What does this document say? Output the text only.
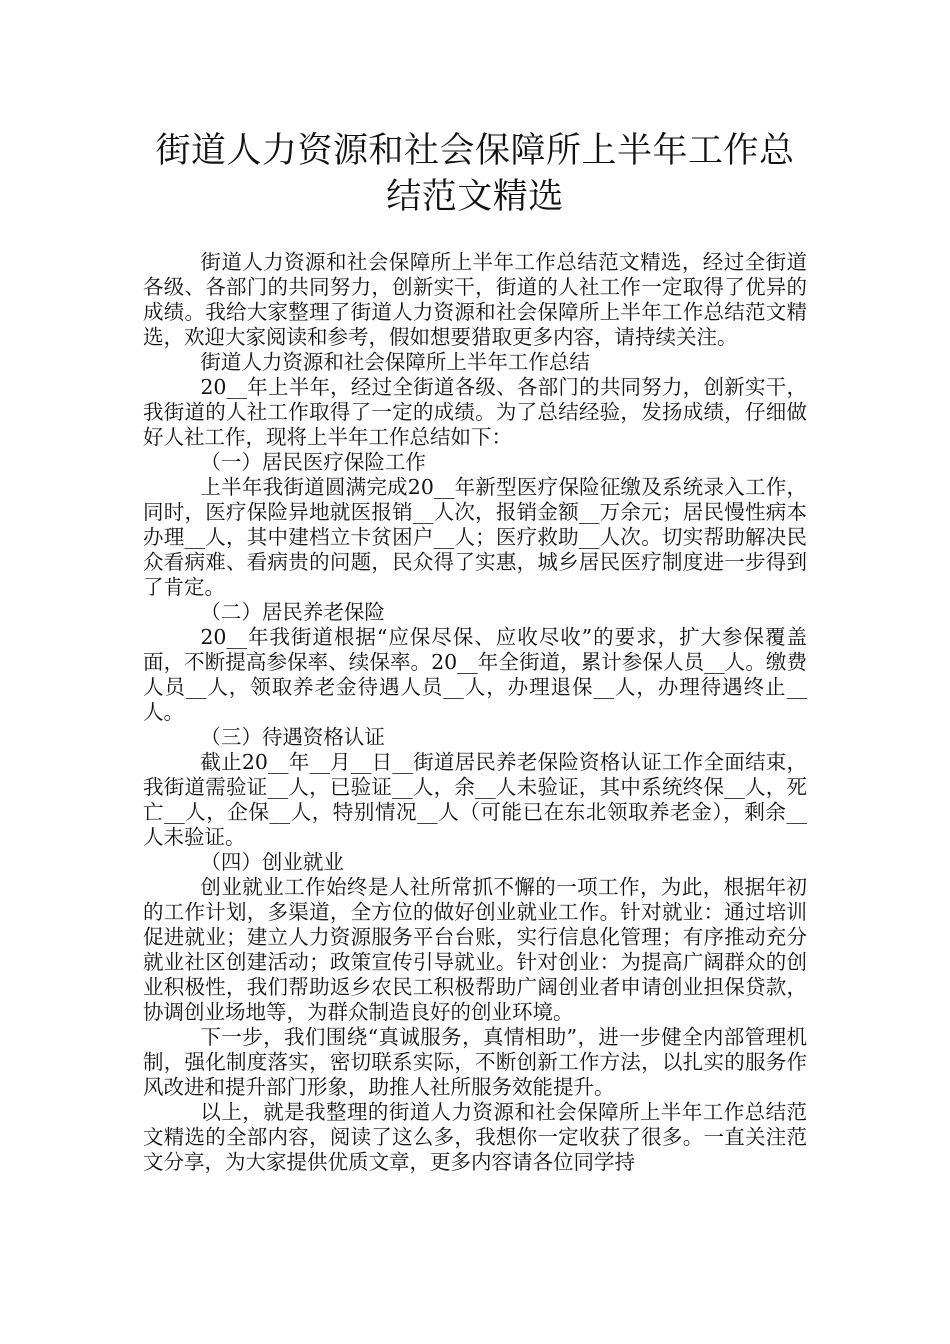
街道人力资源和社会保障所上半年工作总
结范文精选

街道人力资源和社会保障所上半年工作总结范文精选，经过全街道各级、各部门的共同努力，创新实干，街道的人社工作一定取得了优异的成绩。我给大家整理了街道人力资源和社会保障所上半年工作总结范文精选，欢迎大家阅读和参考，假如想要猎取更多内容，请持续关注。

街道人力资源和社会保障所上半年工作总结

20__年上半年，经过全街道各级、各部门的共同努力，创新实干，我街道的人社工作取得了一定的成绩。为了总结经验，发扬成绩，仔细做好人社工作，现将上半年工作总结如下：

（一）居民医疗保险工作

上半年我街道圆满完成20__年新型医疗保险征缴及系统录入工作，同时，医疗保险异地就医报销__人次，报销金额__万余元；居民慢性病本办理__人，其中建档立卡贫困户__人；医疗救助__人次。切实帮助解决民众看病难、看病贵的问题，民众得了实惠，城乡居民医疗制度进一步得到了肯定。

（二）居民养老保险

20__年我街道根据“应保尽保、应收尽收”的要求，扩大参保覆盖面，不断提高参保率、续保率。20__年全街道，累计参保人员__人。缴费人员__人，领取养老金待遇人员__人，办理退保__人，办理待遇终止__人。

（三）待遇资格认证

截止20__年__月__日__街道居民养老保险资格认证工作全面结束，我街道需验证__人，已验证__人，余__人未验证，其中系统终保__人，死亡__人，企保__人，特别情况__人（可能已在东北领取养老金），剩余__人未验证。

（四）创业就业

创业就业工作始终是人社所常抓不懈的一项工作，为此，根据年初的工作计划，多渠道，全方位的做好创业就业工作。针对就业：通过培训促进就业；建立人力资源服务平台台账，实行信息化管理；有序推动充分就业社区创建活动；政策宣传引导就业。针对创业：为提高广阔群众的创业积极性，我们帮助返乡农民工积极帮助广阔创业者申请创业担保贷款，协调创业场地等，为群众制造良好的创业环境。

下一步，我们围绕“真诚服务，真情相助”，进一步健全内部管理机制，强化制度落实，密切联系实际，不断创新工作方法，以扎实的服务作风改进和提升部门形象，助推人社所服务效能提升。

以上，就是我整理的街道人力资源和社会保障所上半年工作总结范文精选的全部内容，阅读了这么多，我想你一定收获了很多。一直关注范文分享，为大家提供优质文章，更多内容请各位同学持
